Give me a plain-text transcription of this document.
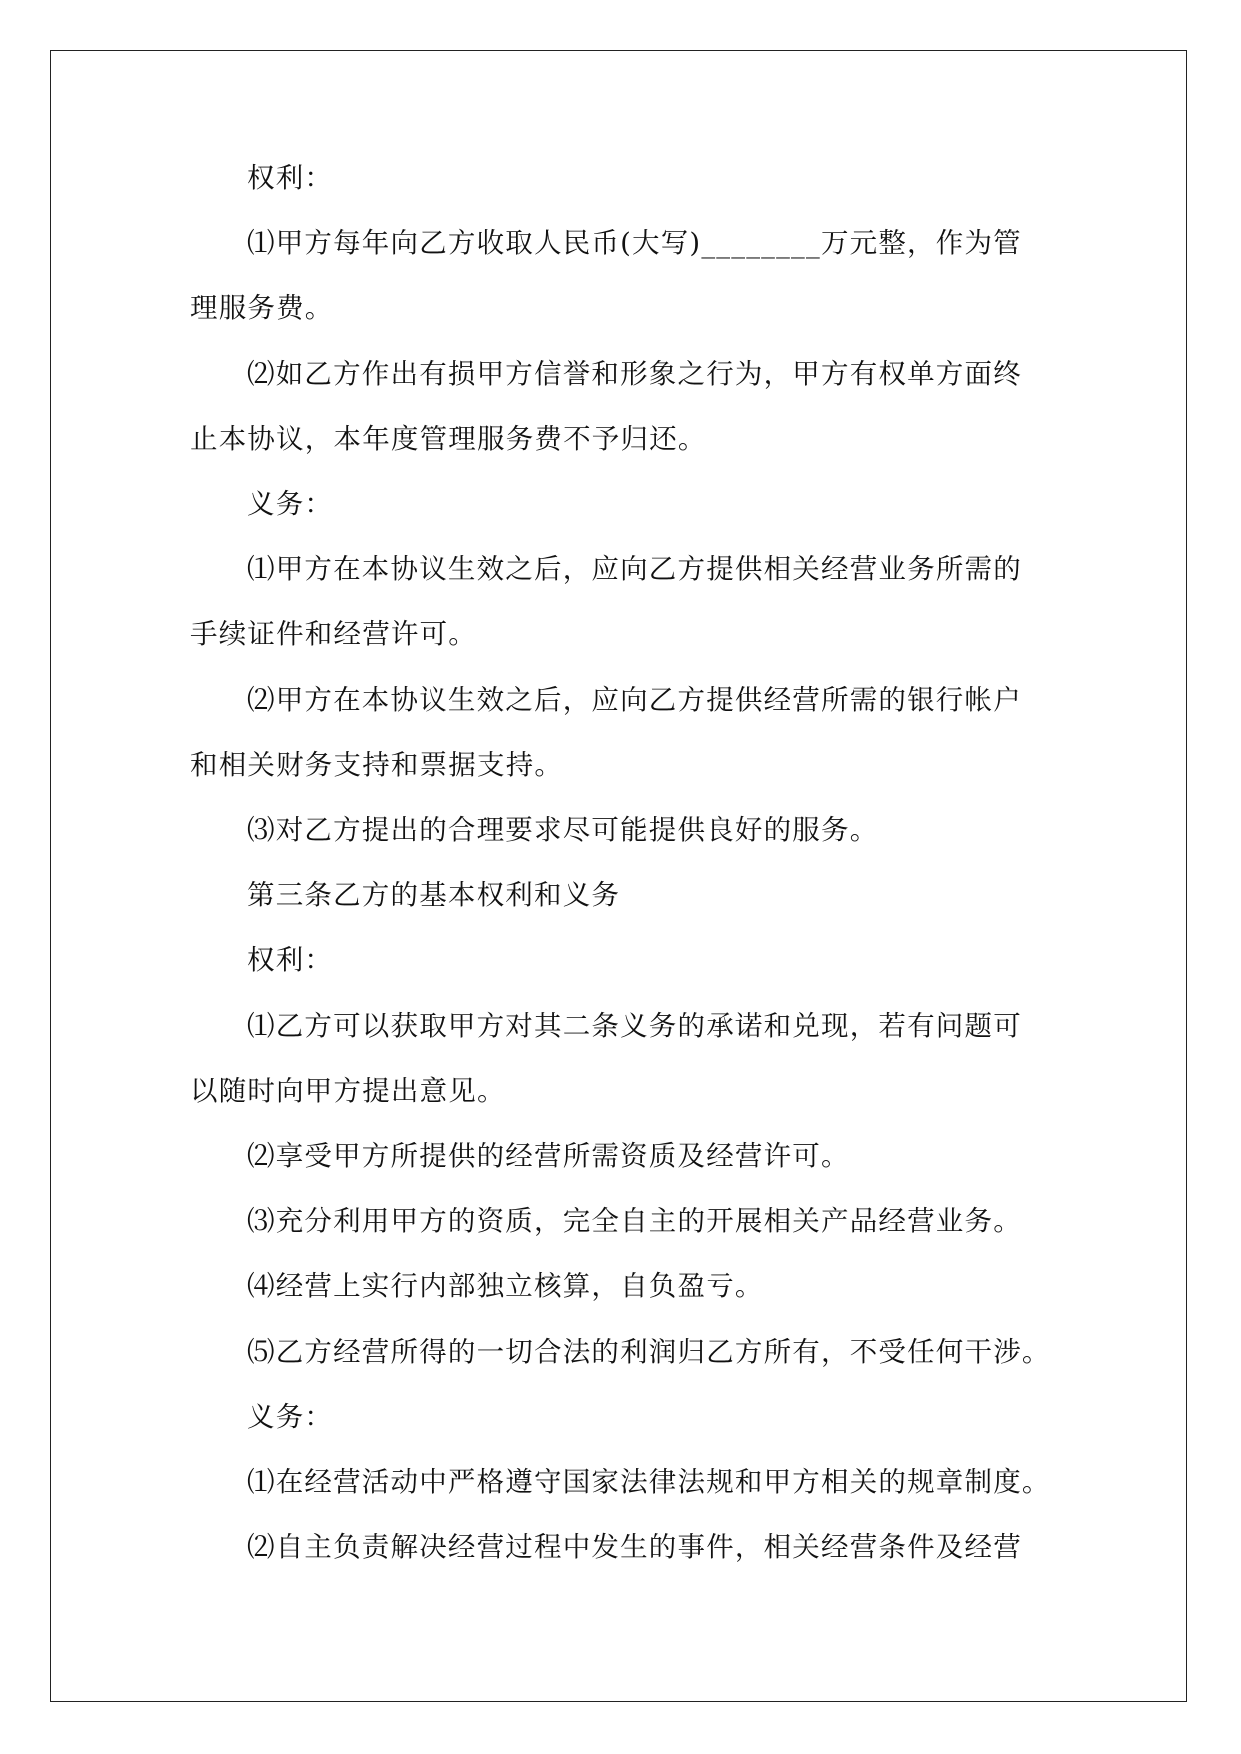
权利：
⑴甲方每年向乙方收取人民币(大写)________万元整，作为管
理服务费。
⑵如乙方作出有损甲方信誉和形象之行为，甲方有权单方面终
止本协议，本年度管理服务费不予归还。
义务：
⑴甲方在本协议生效之后，应向乙方提供相关经营业务所需的
手续证件和经营许可。
⑵甲方在本协议生效之后，应向乙方提供经营所需的银行帐户
和相关财务支持和票据支持。
⑶对乙方提出的合理要求尽可能提供良好的服务。
第三条乙方的基本权利和义务
权利：
⑴乙方可以获取甲方对其二条义务的承诺和兑现，若有问题可
以随时向甲方提出意见。
⑵享受甲方所提供的经营所需资质及经营许可。
⑶充分利用甲方的资质，完全自主的开展相关产品经营业务。
⑷经营上实行内部独立核算，自负盈亏。
⑸乙方经营所得的一切合法的利润归乙方所有，不受任何干涉。
义务：
⑴在经营活动中严格遵守国家法律法规和甲方相关的规章制度。
⑵自主负责解决经营过程中发生的事件，相关经营条件及经营
